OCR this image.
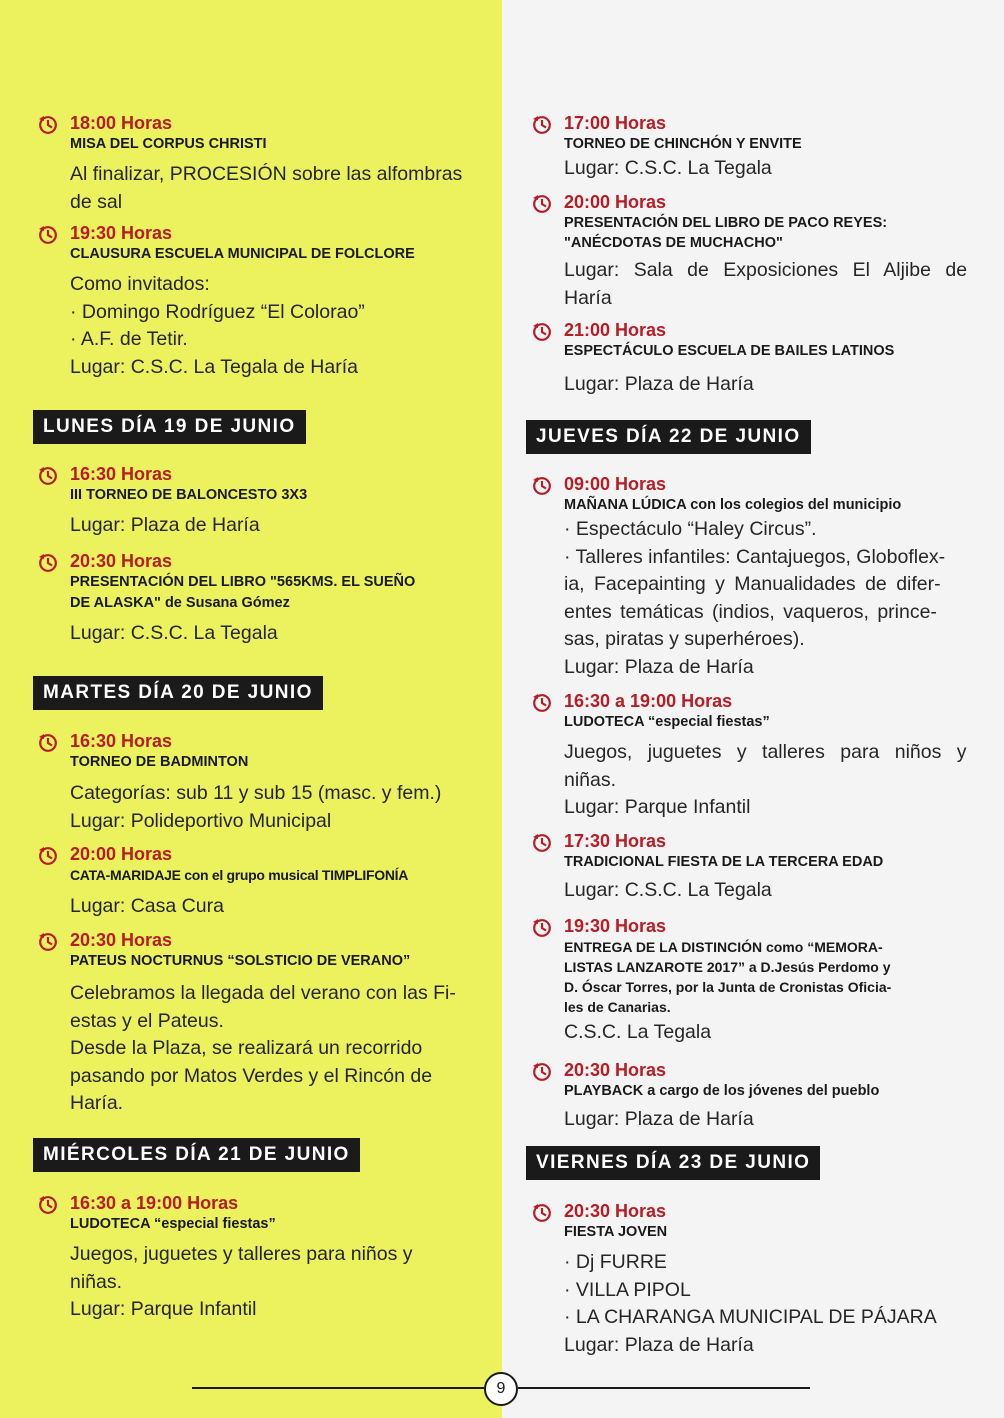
18:00 Horas
MISA DEL CORPUS CHRISTI
Al finalizar, PROCESIÓN sobre las alfombras
de sal
19:30 Horas
CLAUSURA ESCUELA MUNICIPAL DE FOLCLORE
Como invitados:
· Domingo Rodríguez “El Colorao”
· A.F. de Tetir.
Lugar: C.S.C. La Tegala de Haría
LUNES DÍA 19 DE JUNIO
16:30 Horas
III TORNEO DE BALONCESTO 3X3
Lugar: Plaza de Haría
20:30 Horas
PRESENTACIÓN DEL LIBRO "565KMS. EL SUEÑO
DE ALASKA" de Susana Gómez
Lugar: C.S.C. La Tegala
MARTES DÍA 20 DE JUNIO
16:30 Horas
TORNEO DE BADMINTON
Categorías: sub 11 y sub 15 (masc. y fem.)
Lugar: Polideportivo Municipal
20:00 Horas
CATA-MARIDAJE con el grupo musical TIMPLIFONÍA
Lugar: Casa Cura
20:30 Horas
PATEUS NOCTURNUS “SOLSTICIO DE VERANO”
Celebramos la llegada del verano con las Fi-
estas y el Pateus.
Desde la Plaza, se realizará un recorrido
pasando por Matos Verdes y el Rincón de
Haría.
MIÉRCOLES DÍA 21 DE JUNIO
16:30 a 19:00 Horas
LUDOTECA “especial fiestas”
Juegos, juguetes y talleres para niños y
niñas.
Lugar: Parque Infantil
17:00 Horas
TORNEO DE CHINCHÓN Y ENVITE
Lugar: C.S.C. La Tegala
20:00 Horas
PRESENTACIÓN DEL LIBRO DE PACO REYES:
"ANÉCDOTAS DE MUCHACHO"
Lugar: Sala de Exposiciones El Aljibe de
Haría
21:00 Horas
ESPECTÁCULO ESCUELA DE BAILES LATINOS
Lugar: Plaza de Haría
JUEVES DÍA 22 DE JUNIO
09:00 Horas
MAÑANA LÚDICA con los colegios del municipio
· Espectáculo “Haley Circus”.
· Talleres infantiles: Cantajuegos, Globoflex-
ia, Facepainting y Manualidades de difer-
entes temáticas (indios, vaqueros, prince-
sas, piratas y superhéroes).
Lugar: Plaza de Haría
16:30 a 19:00 Horas
LUDOTECA “especial fiestas”
Juegos, juguetes y talleres para niños y
niñas.
Lugar: Parque Infantil
17:30 Horas
TRADICIONAL FIESTA DE LA TERCERA EDAD
Lugar: C.S.C. La Tegala
19:30 Horas
ENTREGA DE LA DISTINCIÓN como “MEMORA-
LISTAS LANZAROTE 2017” a D.Jesús Perdomo y
D. Óscar Torres, por la Junta de Cronistas Oficia-
les de Canarias.
C.S.C. La Tegala
20:30 Horas
PLAYBACK a cargo de los jóvenes del pueblo
Lugar: Plaza de Haría
VIERNES DÍA 23 DE JUNIO
20:30 Horas
FIESTA JOVEN
· Dj FURRE
· VILLA PIPOL
· LA CHARANGA MUNICIPAL DE PÁJARA
Lugar: Plaza de Haría
9
